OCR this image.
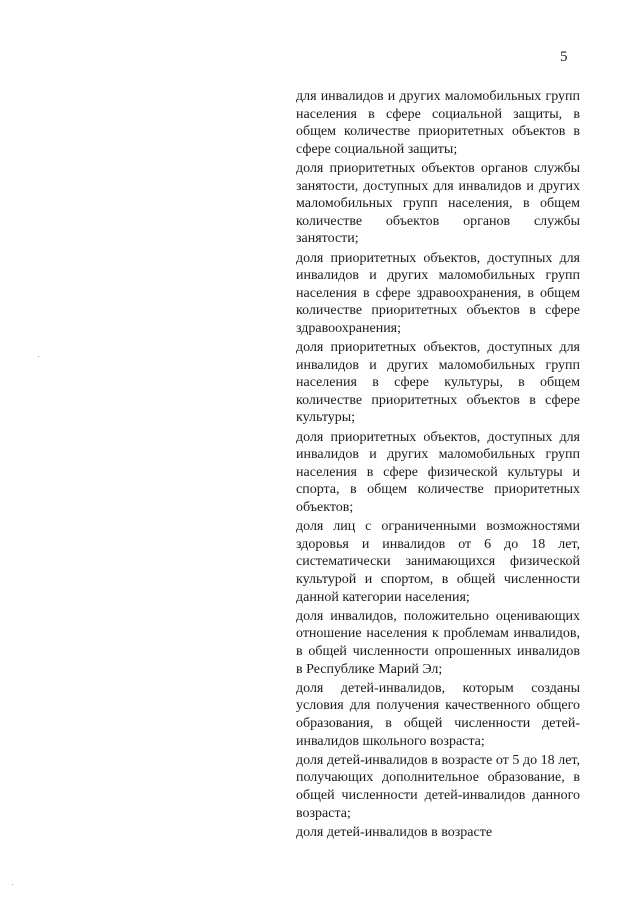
5

для инвалидов и других маломобильных групп населения в сфере социальной защиты, в общем количестве приоритетных объектов в сфере социальной защиты;

доля приоритетных объектов органов службы занятости, доступных для инвалидов и других маломобильных групп населения, в общем количестве объектов органов службы занятости;

доля приоритетных объектов, доступных для инвалидов и других маломобильных групп населения в сфере здравоохранения, в общем количестве приоритетных объектов в сфере здравоохранения;

доля приоритетных объектов, доступных для инвалидов и других маломобильных групп населения в сфере культуры, в общем количестве приоритетных объектов в сфере культуры;

доля приоритетных объектов, доступных для инвалидов и других маломобильных групп населения в сфере физической культуры и спорта, в общем количестве приоритетных объектов;

доля лиц с ограниченными возможностями здоровья и инвалидов от 6 до 18 лет, систематически занимающихся физической культурой и спортом, в общей численности данной категории населения;

доля инвалидов, положительно оценивающих отношение населения к проблемам инвалидов, в общей численности опрошенных инвалидов в Республике Марий Эл;

доля детей-инвалидов, которым созданы условия для получения качественного общего образования, в общей численности детей-инвалидов школьного возраста;

доля детей-инвалидов в возрасте от 5 до 18 лет, получающих дополнительное образование, в общей численности детей-инвалидов данного возраста;

доля детей-инвалидов в возрасте
